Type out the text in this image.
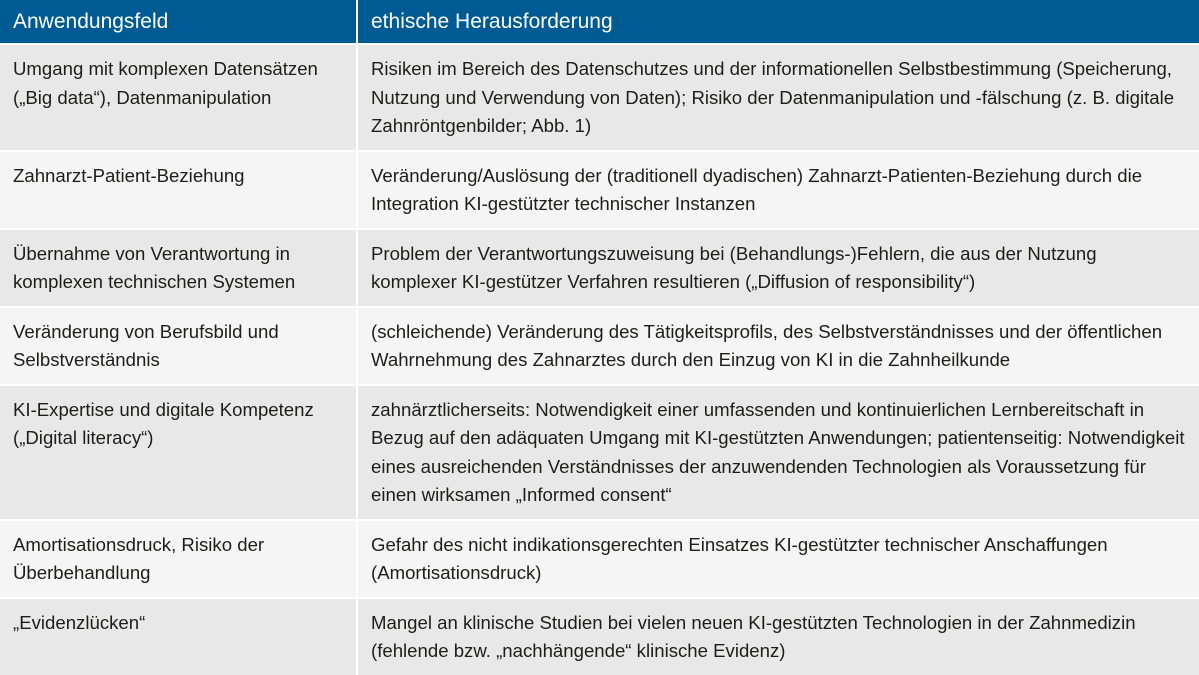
Anwendungsfeld	ethische Herausforderung
Umgang mit komplexen Datensätzen („Big data“), Datenmanipulation	Risiken im Bereich des Datenschutzes und der informationellen Selbstbestimmung (Speicherung, Nutzung und Verwendung von Daten); Risiko der Datenmanipulation und -fälschung (z. B. digitale Zahnröntgenbilder; Abb. 1)
Zahnarzt-Patient-Beziehung	Veränderung/Auslösung der (traditionell dyadischen) Zahnarzt-Patienten-Beziehung durch die Integration KI-gestützter technischer Instanzen
Übernahme von Verantwortung in komplexen technischen Systemen	Problem der Verantwortungszuweisung bei (Behandlungs-)Fehlern, die aus der Nutzung komplexer KI-gestützer Verfahren resultieren („Diffusion of responsibility“)
Veränderung von Berufsbild und Selbstverständnis	(schleichende) Veränderung des Tätigkeitsprofils, des Selbstverständnisses und der öffentlichen Wahrnehmung des Zahnarztes durch den Einzug von KI in die Zahnheilkunde
KI-Expertise und digitale Kompetenz („Digital literacy“)	zahnärztlicherseits: Notwendigkeit einer umfassenden und kontinuierlichen Lernbereitschaft in Bezug auf den adäquaten Umgang mit KI-gestützten Anwendungen; patientenseitig: Notwendigkeit eines ausreichenden Verständnisses der anzuwendenden Technologien als Voraussetzung für einen wirksamen „Informed consent“
Amortisationsdruck, Risiko der Überbehandlung	Gefahr des nicht indikationsgerechten Einsatzes KI-gestützter technischer Anschaffungen (Amortisationsdruck)
„Evidenzlücken“	Mangel an klinische Studien bei vielen neuen KI-gestützten Technologien in der Zahnmedizin (fehlende bzw. „nachhängende“ klinische Evidenz)
